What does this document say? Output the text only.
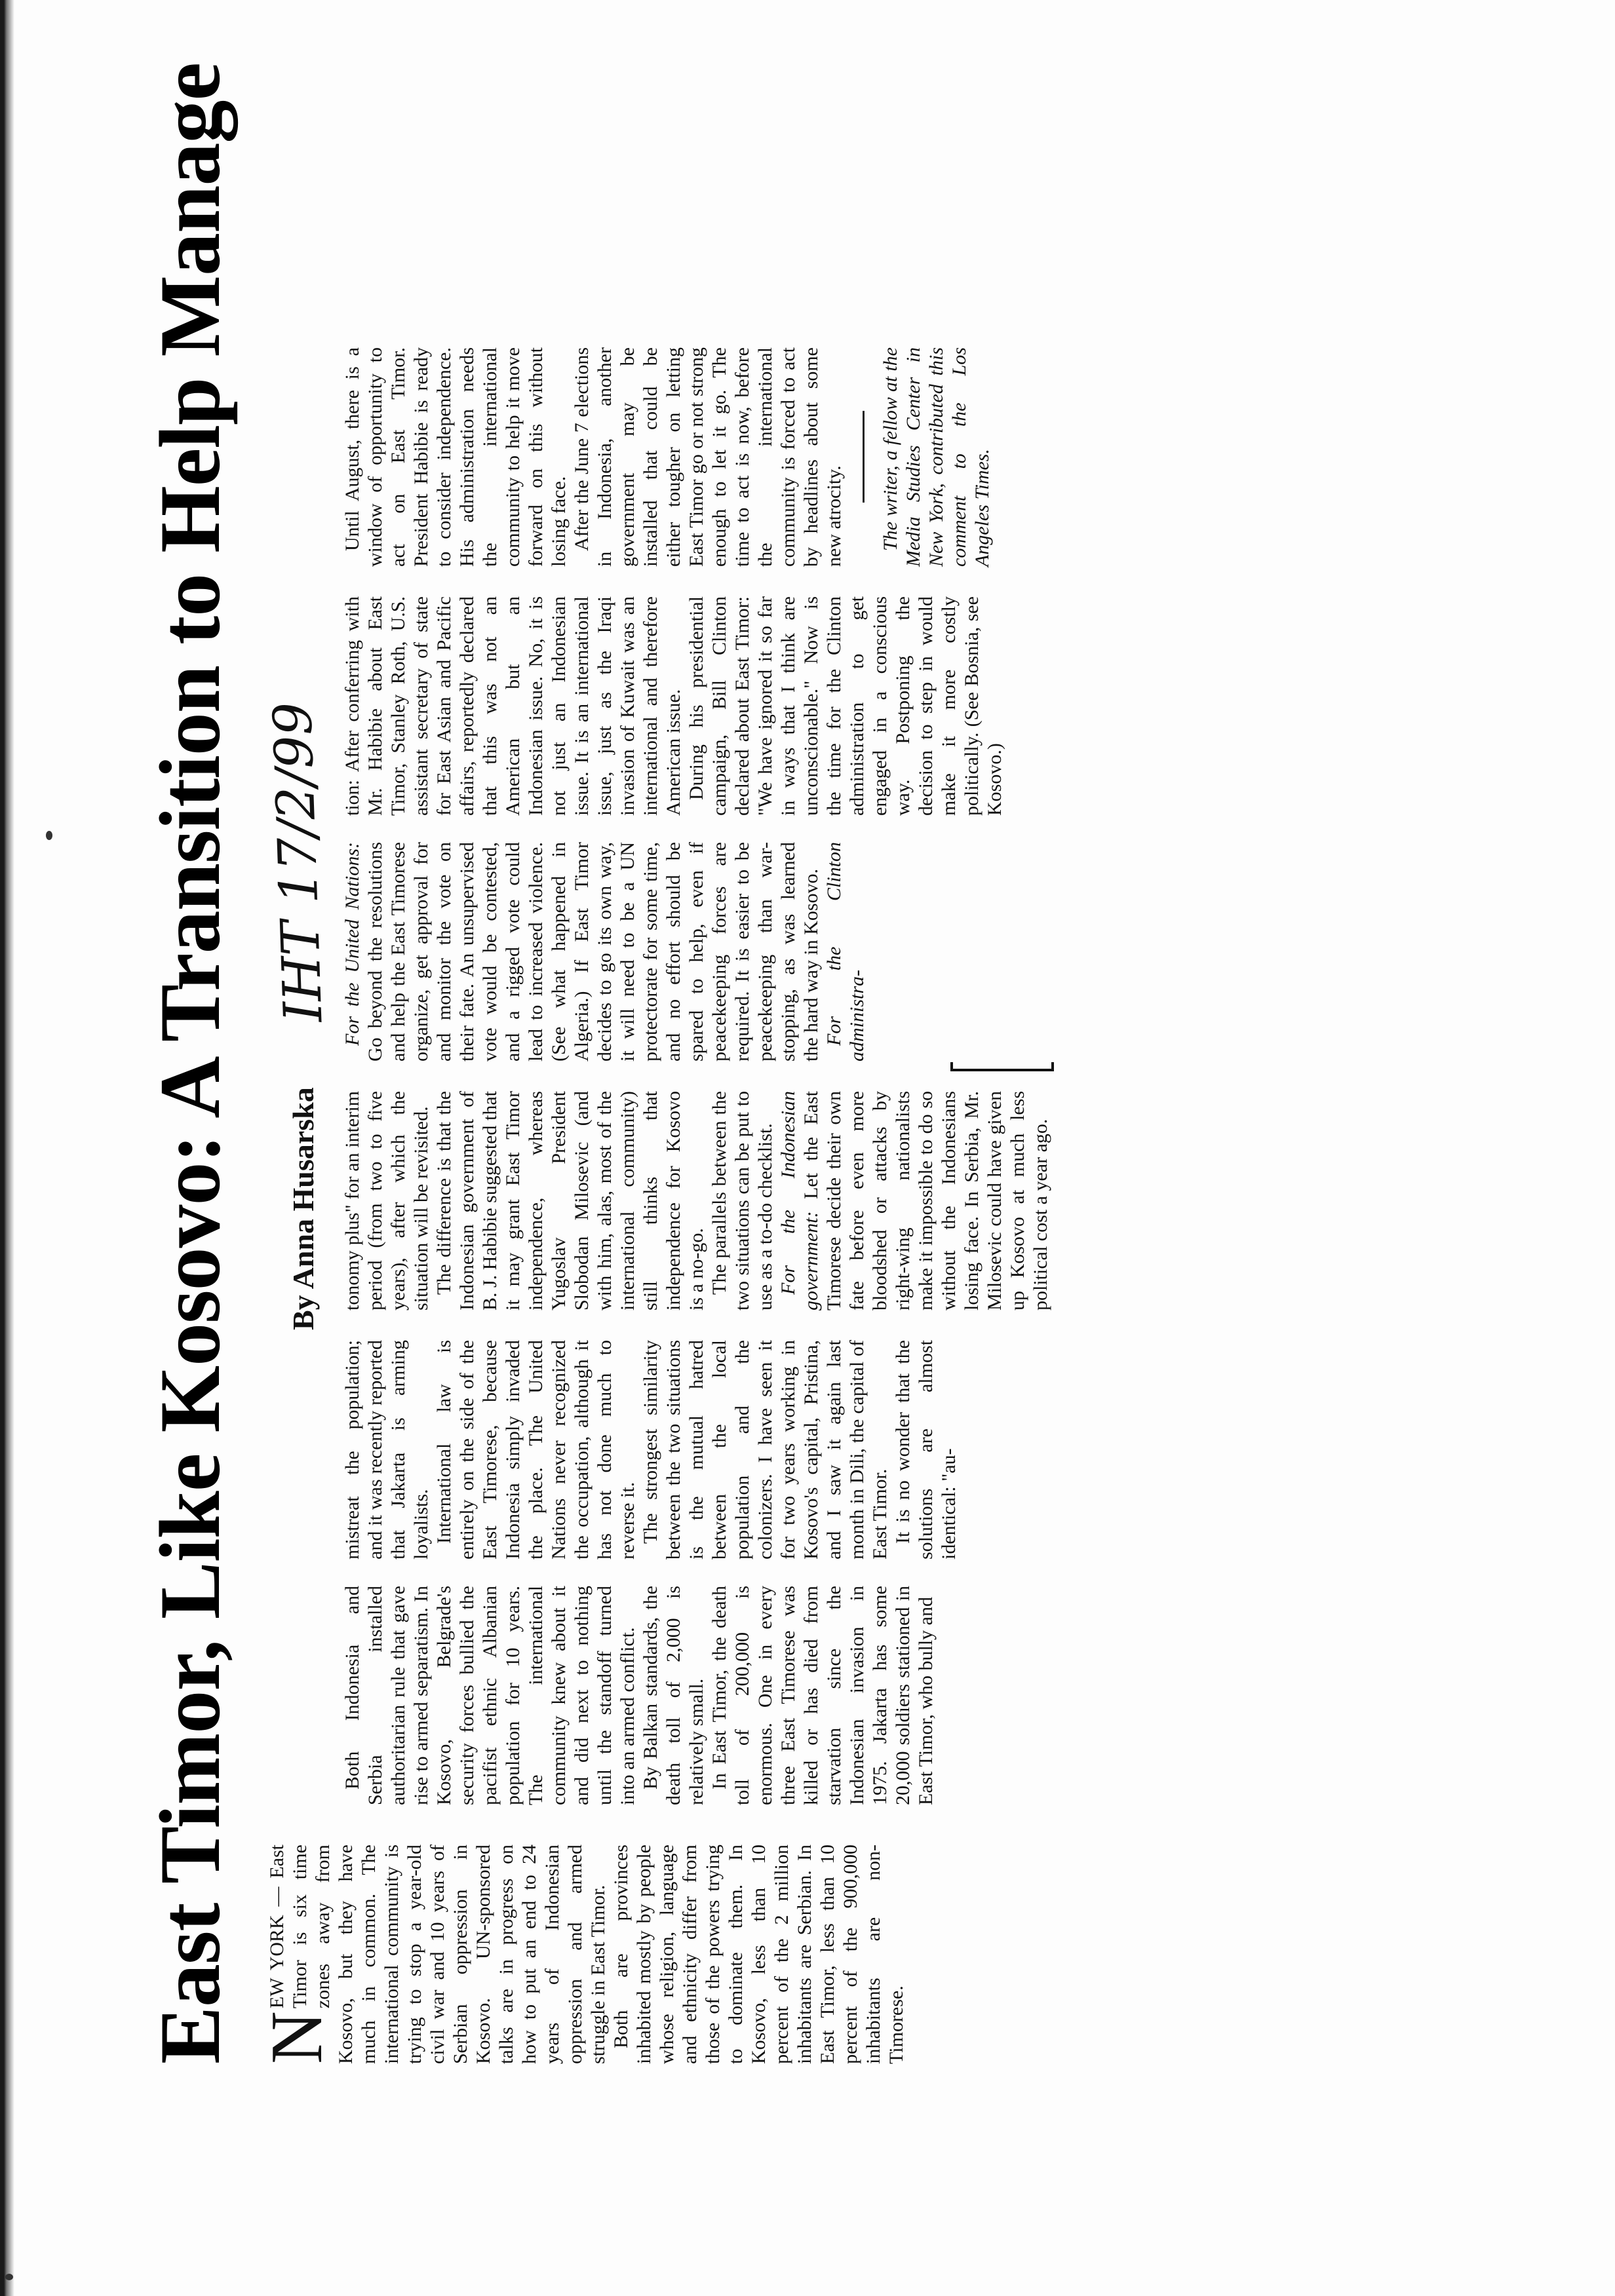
East Timor, Like Kosovo: A Transition to Help Manage	By Anna Husarska
IHT 17/2/99

N
EW YORK — East Timor is six time zones away from Kosovo, but they have much in common. The international community is trying to stop a year-old civil war and 10 years of Serbian oppression in Kosovo. UN-sponsored talks are in progress on how to put an end to 24 years of Indonesian oppression and armed struggle in East Timor. Both are provinces inhabited mostly by people whose religion, language and ethnicity differ from those of the powers trying to dominate them. In Kosovo, less than 10 percent of the 2 million inhabitants are Serbian. In East Timor, less than 10 percent of the 900,000 inhabitants are non-Timorese.

Both Indonesia and Serbia installed authoritarian rule that gave rise to armed separatism. In Kosovo, Belgrade's security forces bullied the pacifist ethnic Albanian population for 10 years. The international community knew about it and did next to nothing until the standoff turned into an armed conflict. By Balkan standards, the death toll of 2,000 is relatively small. In East Timor, the death toll of 200,000 is enormous. One in every three East Timorese was killed or has died from starvation since the Indonesian invasion in 1975. Jakarta has some 20,000 soldiers stationed in East Timor, who bully and

mistreat the population; and it was recently reported that Jakarta is arming loyalists. International law is entirely on the side of the East Timorese, because Indonesia simply invaded the place. The United Nations never recognized the occupation, although it has not done much to reverse it. The strongest similarity between the two situations is the mutual hatred between the local population and the colonizers. I have seen it for two years working in Kosovo's capital, Pristina, and I saw it again last month in Dili, the capital of East Timor. It is no wonder that the solutions are almost identical: "au-

tonomy plus" for an interim period (from two to five years), after which the situation will be revisited. The difference is that the Indonesian government of B. J. Habibie suggested that it may grant East Timor independence, whereas Yugoslav President Slobodan Milosevic (and with him, alas, most of the international community) still thinks that independence for Kosovo is a no-go. The parallels between the two situations can be put to use as a to-do checklist. For the Indonesian government: Let the East Timorese decide their own fate before even more bloodshed or attacks by right-wing nationalists make it impossible to do so without the Indonesians losing face. In Serbia, Mr. Milosevic could have given up Kosovo at much less political cost a year ago.

For the United Nations: Go beyond the resolutions and help the East Timorese organize, get approval for and monitor the vote on their fate. An unsupervised vote would be contested, and a rigged vote could lead to increased violence. (See what happened in Algeria.) If East Timor decides to go its own way, it will need to be a UN protectorate for some time, and no effort should be spared to help, even if peacekeeping forces are required. It is easier to be peacekeeping than war-stopping, as was learned the hard way in Kosovo. For the Clinton administra-

tion: After conferring with Mr. Habibie about East Timor, Stanley Roth, U.S. assistant secretary of state for East Asian and Pacific affairs, reportedly declared that this was not an American but an Indonesian issue. No, it is not just an Indonesian issue. It is an international issue, just as the Iraqi invasion of Kuwait was an international and therefore American issue. During his presidential campaign, Bill Clinton declared about East Timor: "We have ignored it so far in ways that I think are unconscionable." Now is the time for the Clinton administration to get engaged in a conscious way. Postponing the decision to step in would make it more costly politically. (See Bosnia, see Kosovo.)

Until August, there is a window of opportunity to act on East Timor. President Habibie is ready to consider independence. His administration needs the international community to help it move forward on this without losing face. After the June 7 elections in Indonesia, another government may be installed that could be either tougher on letting East Timor go or not strong enough to let it go. The time to act is now, before the international community is forced to act by headlines about some new atrocity. The writer, a fellow at the Media Studies Center in New York, contributed this comment to the Los Angeles Times.
